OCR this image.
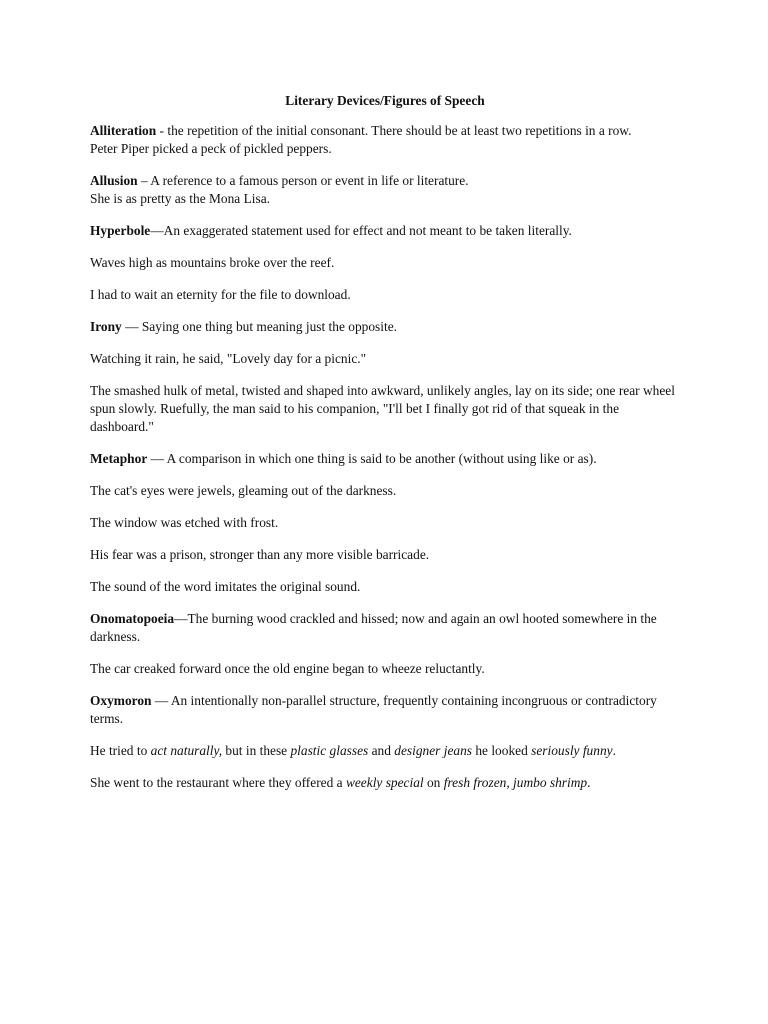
Literary Devices/Figures of Speech

Alliteration - the repetition of the initial consonant. There should be at least two repetitions in a row.

Peter Piper picked a peck of pickled peppers.

Allusion – A reference to a famous person or event in life or literature.

She is as pretty as the Mona Lisa.

Hyperbole—An exaggerated statement used for effect and not meant to be taken literally.

Waves high as mountains broke over the reef.

I had to wait an eternity for the file to download.

Irony — Saying one thing but meaning just the opposite.

Watching it rain, he said, "Lovely day for a picnic."

The smashed hulk of metal, twisted and shaped into awkward, unlikely angles, lay on its side; one rear wheel spun slowly. Ruefully, the man said to his companion, "I'll bet I finally got rid of that squeak in the dashboard."

Metaphor — A comparison in which one thing is said to be another (without using like or as).

The cat's eyes were jewels, gleaming out of the darkness.

The window was etched with frost.

His fear was a prison, stronger than any more visible barricade.

The sound of the word imitates the original sound.

Onomatopoeia—The burning wood crackled and hissed; now and again an owl hooted somewhere in the darkness.

The car creaked forward once the old engine began to wheeze reluctantly.

Oxymoron — An intentionally non-parallel structure, frequently containing incongruous or contradictory terms.

He tried to act naturally, but in these plastic glasses and designer jeans he looked seriously funny.

She went to the restaurant where they offered a weekly special on fresh frozen, jumbo shrimp.
